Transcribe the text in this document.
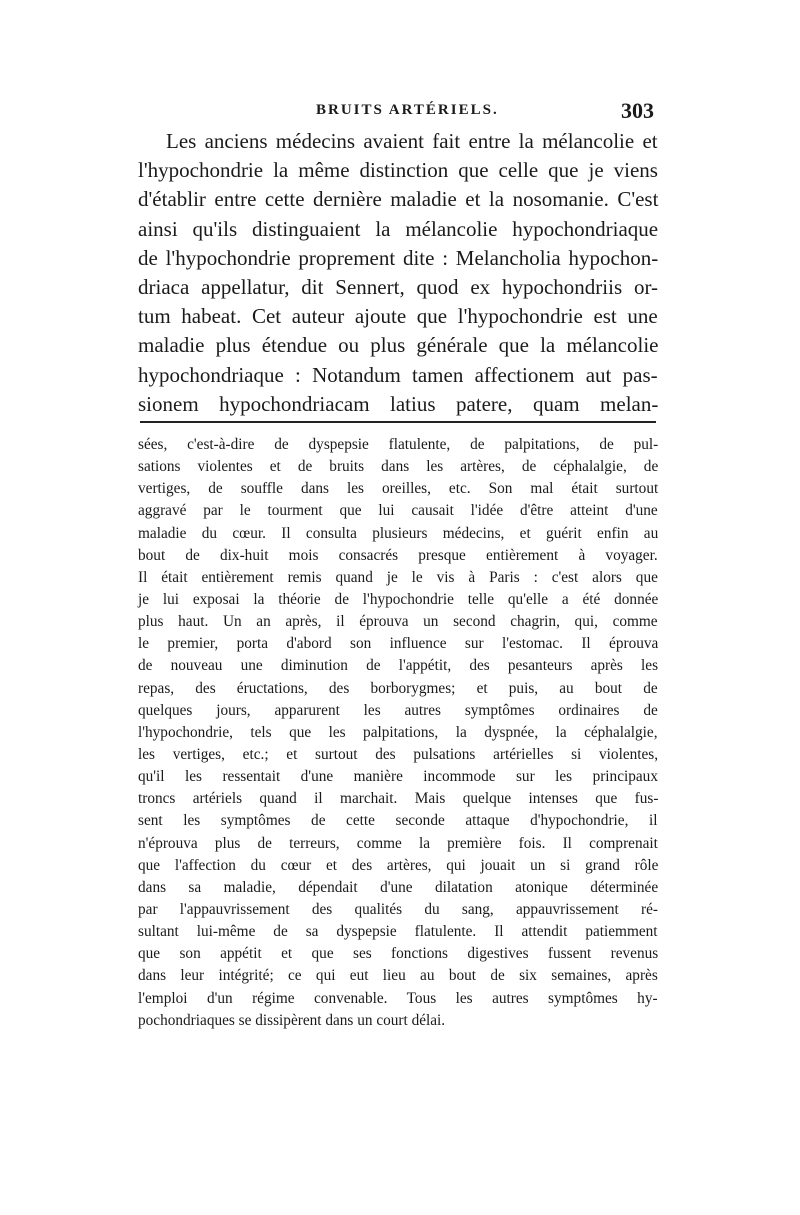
BRUITS ARTÉRIELS.	303
Les anciens médecins avaient fait entre la mélancolie et
l'hypochondrie la même distinction que celle que je viens
d'établir entre cette dernière maladie et la nosomanie. C'est
ainsi qu'ils distinguaient la mélancolie hypochondriaque
de l'hypochondrie proprement dite : Melancholia hypochon-
driaca appellatur, dit Sennert, quod ex hypochondriis or-
tum habeat. Cet auteur ajoute que l'hypochondrie est une
maladie plus étendue ou plus générale que la mélancolie
hypochondriaque : Notandum tamen affectionem aut pas-
sionem hypochondriacam latius patere, quam melan-
sées, c'est-à-dire de dyspepsie flatulente, de palpitations, de pul-
sations violentes et de bruits dans les artères, de céphalalgie, de
vertiges, de souffle dans les oreilles, etc. Son mal était surtout
aggravé par le tourment que lui causait l'idée d'être atteint d'une
maladie du cœur. Il consulta plusieurs médecins, et guérit enfin au
bout de dix-huit mois consacrés presque entièrement à voyager.
Il était entièrement remis quand je le vis à Paris : c'est alors que
je lui exposai la théorie de l'hypochondrie telle qu'elle a été donnée
plus haut. Un an après, il éprouva un second chagrin, qui, comme
le premier, porta d'abord son influence sur l'estomac. Il éprouva
de nouveau une diminution de l'appétit, des pesanteurs après les
repas, des éructations, des borborygmes; et puis, au bout de
quelques jours, apparurent les autres symptômes ordinaires de
l'hypochondrie, tels que les palpitations, la dyspnée, la céphalalgie,
les vertiges, etc.; et surtout des pulsations artérielles si violentes,
qu'il les ressentait d'une manière incommode sur les principaux
troncs artériels quand il marchait. Mais quelque intenses que fus-
sent les symptômes de cette seconde attaque d'hypochondrie, il
n'éprouva plus de terreurs, comme la première fois. Il comprenait
que l'affection du cœur et des artères, qui jouait un si grand rôle
dans sa maladie, dépendait d'une dilatation atonique déterminée
par l'appauvrissement des qualités du sang, appauvrissement ré-
sultant lui-même de sa dyspepsie flatulente. Il attendit patiemment
que son appétit et que ses fonctions digestives fussent revenus
dans leur intégrité; ce qui eut lieu au bout de six semaines, après
l'emploi d'un régime convenable. Tous les autres symptômes hy-
pochondriaques se dissipèrent dans un court délai.
